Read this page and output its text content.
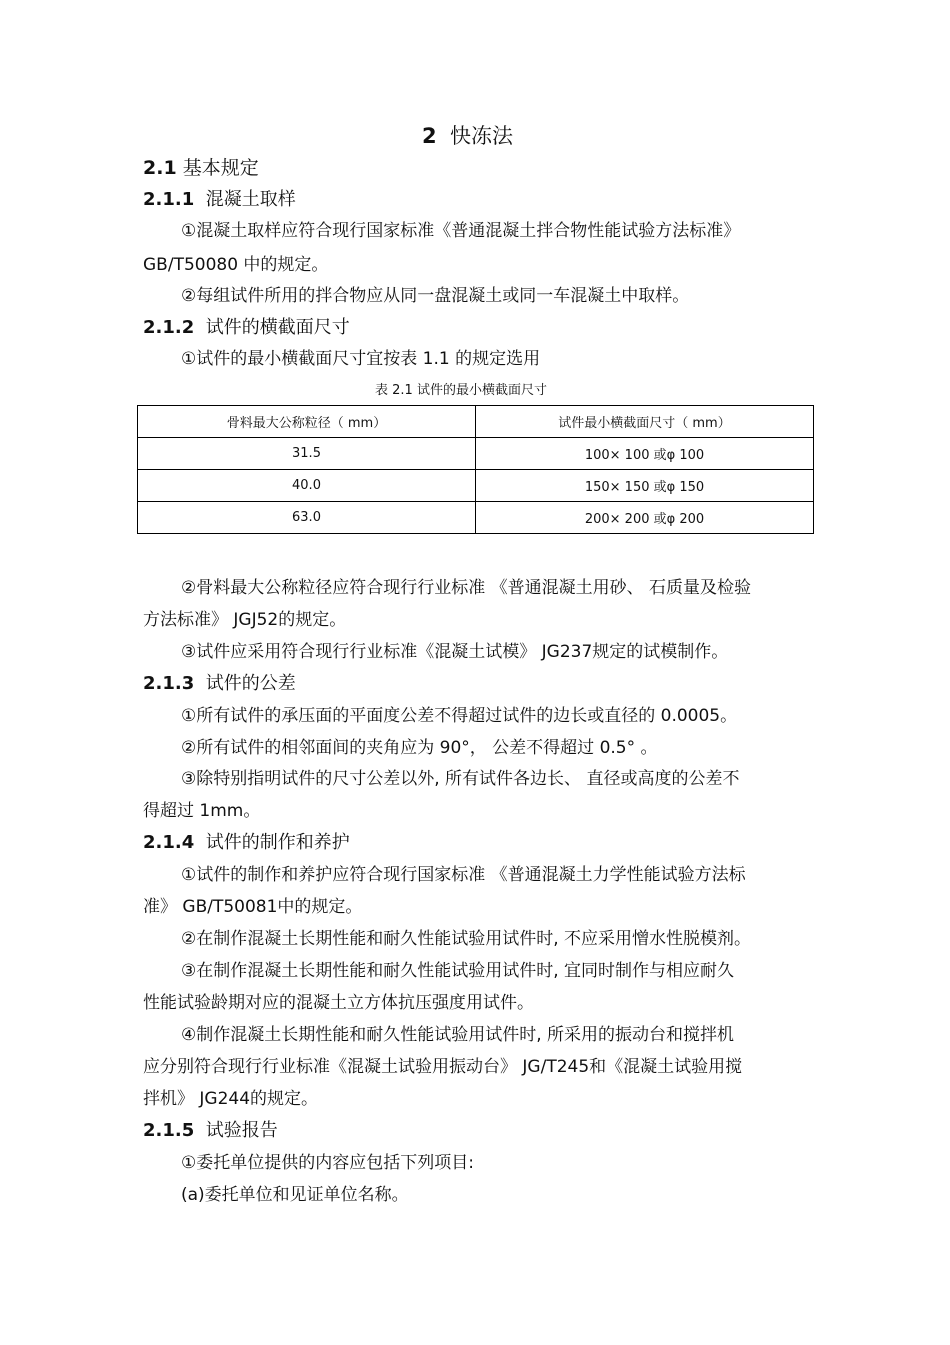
2 快冻法
2.1 基本规定
2.1.1 混凝土取样
①混凝土取样应符合现行国家标准《普通混凝土拌合物性能试验方法标准》
GB/T50080 中的规定。
②每组试件所用的拌合物应从同一盘混凝土或同一车混凝土中取样。
2.1.2 试件的横截面尺寸
①试件的最小横截面尺寸宜按表 1.1 的规定选用
表 2.1 试件的最小横截面尺寸
骨料最大公称粒径（ mm）	试件最小横截面尺寸（ mm）
31.5	100× 100 或φ 100
40.0	150× 150 或φ 150
63.0	200× 200 或φ 200
②骨料最大公称粒径应符合现行行业标准 《普通混凝土用砂、 石质量及检验
方法标准》 JGJ52的规定。
③试件应采用符合现行行业标准《混凝土试模》 JG237规定的试模制作。
2.1.3 试件的公差
①所有试件的承压面的平面度公差不得超过试件的边长或直径的 0.0005。
②所有试件的相邻面间的夹角应为 90°， 公差不得超过 0.5° 。
③除特别指明试件的尺寸公差以外, 所有试件各边长、 直径或高度的公差不
得超过 1mm。
2.1.4 试件的制作和养护
①试件的制作和养护应符合现行国家标准 《普通混凝土力学性能试验方法标
准》 GB/T50081中的规定。
②在制作混凝土长期性能和耐久性能试验用试件时, 不应采用憎水性脱模剂。
③在制作混凝土长期性能和耐久性能试验用试件时, 宜同时制作与相应耐久
性能试验龄期对应的混凝土立方体抗压强度用试件。
④制作混凝土长期性能和耐久性能试验用试件时, 所采用的振动台和搅拌机
应分别符合现行行业标准《混凝土试验用振动台》 JG/T245和《混凝土试验用搅
拌机》 JG244的规定。
2.1.5 试验报告
①委托单位提供的内容应包括下列项目:
(a)委托单位和见证单位名称。
